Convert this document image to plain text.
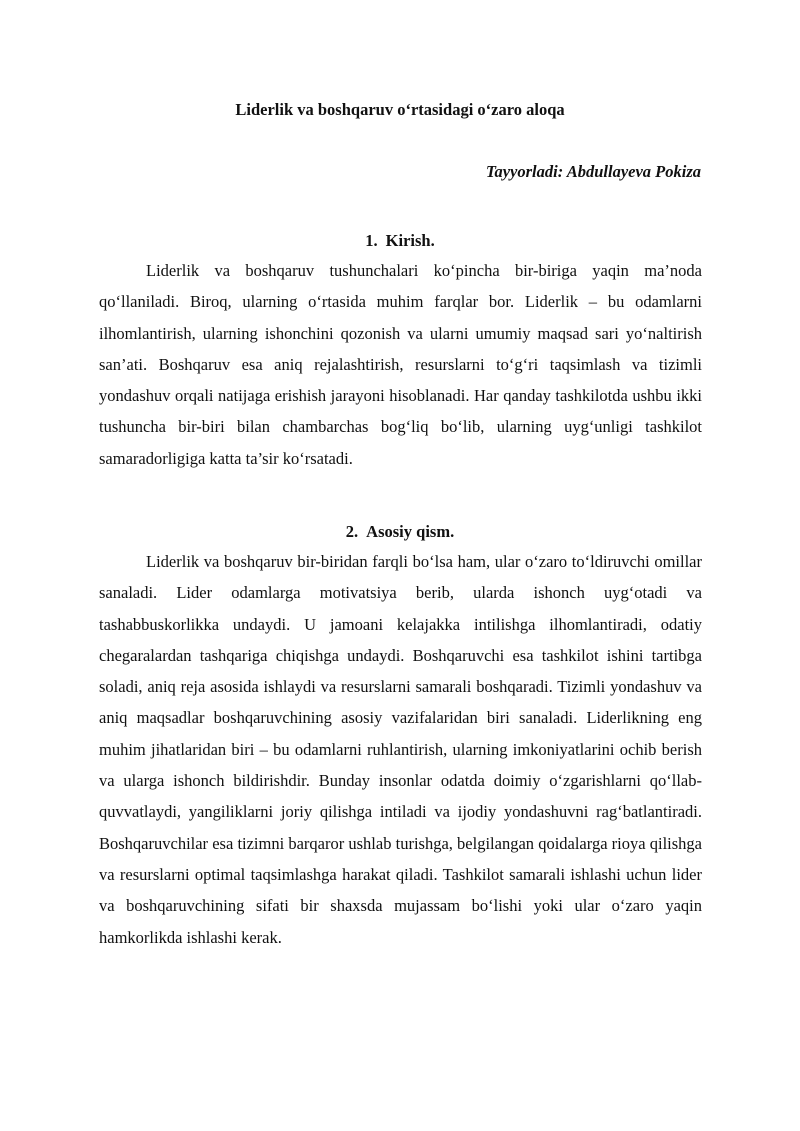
Liderlik va boshqaruv o‘rtasidagi o‘zaro aloqa

Tayyorladi: Abdullayeva Pokiza

1. Kirish.

Liderlik va boshqaruv tushunchalari ko‘pincha bir-biriga yaqin ma’noda qo‘llaniladi. Biroq, ularning o‘rtasida muhim farqlar bor. Liderlik – bu odamlarni ilhomlantirish, ularning ishonchini qozonish va ularni umumiy maqsad sari yo‘naltirish san’ati. Boshqaruv esa aniq rejalashtirish, resurslarni to‘g‘ri taqsimlash va tizimli yondashuv orqali natijaga erishish jarayoni hisoblanadi. Har qanday tashkilotda ushbu ikki tushuncha bir-biri bilan chambarchas bog‘liq bo‘lib, ularning uyg‘unligi tashkilot samaradorligiga katta ta’sir ko‘rsatadi.

2. Asosiy qism.

Liderlik va boshqaruv bir-biridan farqli bo‘lsa ham, ular o‘zaro to‘ldiruvchi omillar sanaladi. Lider odamlarga motivatsiya berib, ularda ishonch uyg‘otadi va tashabbuskorlikka undaydi. U jamoani kelajakka intilishga ilhomlantiradi, odatiy chegaralardan tashqariga chiqishga undaydi. Boshqaruvchi esa tashkilot ishini tartibga soladi, aniq reja asosida ishlaydi va resurslarni samarali boshqaradi. Tizimli yondashuv va aniq maqsadlar boshqaruvchining asosiy vazifalaridan biri sanaladi. Liderlikning eng muhim jihatlaridan biri – bu odamlarni ruhlantirish, ularning imkoniyatlarini ochib berish va ularga ishonch bildirishdir. Bunday insonlar odatda doimiy o‘zgarishlarni qo‘llab-quvvatlaydi, yangiliklarni joriy qilishga intiladi va ijodiy yondashuvni rag‘batlantiradi. Boshqaruvchilar esa tizimni barqaror ushlab turishga, belgilangan qoidalarga rioya qilishga va resurslarni optimal taqsimlashga harakat qiladi. Tashkilot samarali ishlashi uchun lider va boshqaruvchining sifati bir shaxsda mujassam bo‘lishi yoki ular o‘zaro yaqin hamkorlikda ishlashi kerak.
